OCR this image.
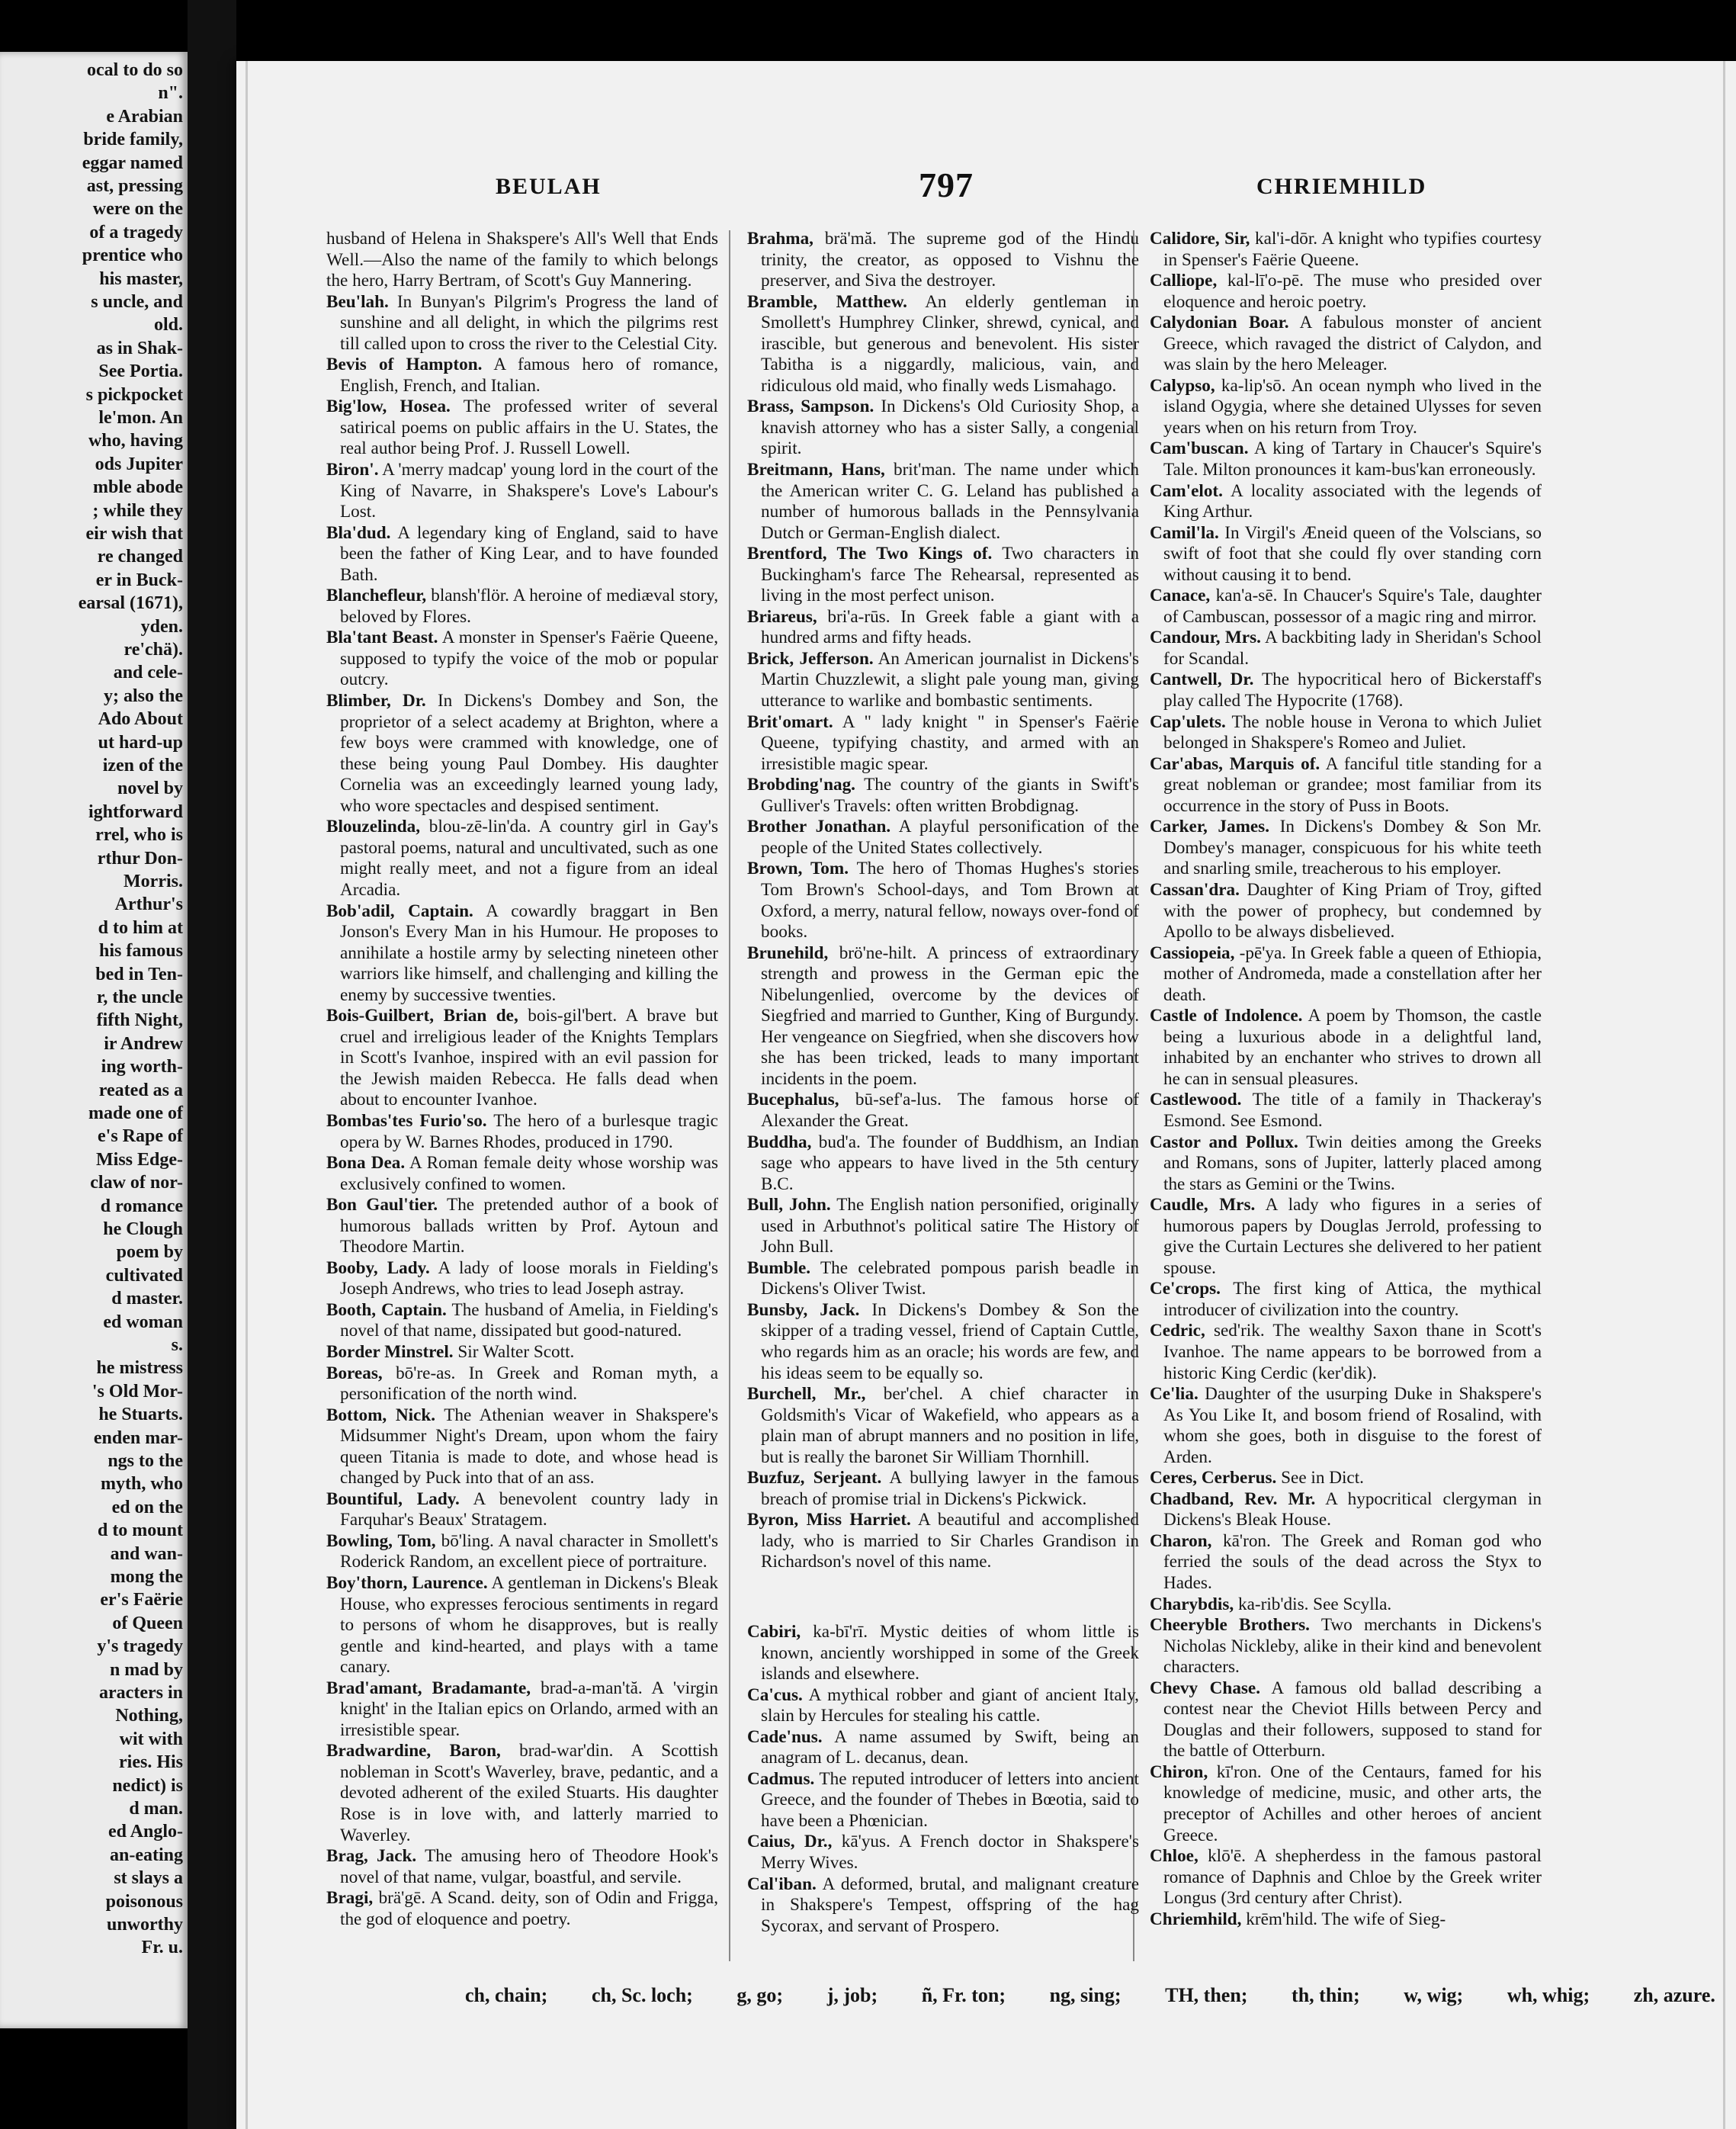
ocal to do so
n".
e Arabian
bride family,
eggar named
ast, pressing
were on the
of a tragedy
prentice who
his master,
s uncle, and
old.
as in Shak-
See Portia.
s pickpocket
le'mon. An
who, having
ods Jupiter
mble abode
; while they
eir wish that
re changed
er in Buck-
earsal (1671),
yden.
re'chä).
and cele-
y; also the
Ado About
ut hard-up
izen of the
novel by
ightforward
rrel, who is
rthur Don-
Morris.
Arthur's
d to him at
his famous
bed in Ten-
r, the uncle
fifth Night,
ir Andrew
ing worth-
reated as a
made one of
e's Rape of
Miss Edge-
claw of nor-
d romance
he Clough
poem by
cultivated
d master.
ed woman
s.
he mistress
's Old Mor-
he Stuarts.
enden mar-
ngs to the
myth, who
ed on the
d to mount
and wan-
mong the
er's Faërie
of Queen
y's tragedy
n mad by
aracters in
Nothing,
wit with
ries. His
nedict) is
d man.
ed Anglo-
an-eating
st slays a
poisonous
unworthy
Fr. u.
BEULAH	797	CHRIEMHILD

husband of Helena in Shakspere's All's Well that Ends Well.—Also the name of the family to which belongs the hero, Harry Bertram, of Scott's Guy Mannering.

Beu'lah. In Bunyan's Pilgrim's Progress the land of sunshine and all delight, in which the pilgrims rest till called upon to cross the river to the Celestial City.

Bevis of Hampton. A famous hero of romance, English, French, and Italian.

Big'low, Hosea. The professed writer of several satirical poems on public affairs in the U. States, the real author being Prof. J. Russell Lowell.

Biron'. A 'merry madcap' young lord in the court of the King of Navarre, in Shakspere's Love's Labour's Lost.

Bla'dud. A legendary king of England, said to have been the father of King Lear, and to have founded Bath.

Blanchefleur, blansh'flör. A heroine of mediæval story, beloved by Flores.

Bla'tant Beast. A monster in Spenser's Faërie Queene, supposed to typify the voice of the mob or popular outcry.

Blimber, Dr. In Dickens's Dombey and Son, the proprietor of a select academy at Brighton, where a few boys were crammed with knowledge, one of these being young Paul Dombey. His daughter Cornelia was an exceedingly learned young lady, who wore spectacles and despised sentiment.

Blouzelinda, blou-zē-lin'da. A country girl in Gay's pastoral poems, natural and uncultivated, such as one might really meet, and not a figure from an ideal Arcadia.

Bob'adil, Captain. A cowardly braggart in Ben Jonson's Every Man in his Humour. He proposes to annihilate a hostile army by selecting nineteen other warriors like himself, and challenging and killing the enemy by successive twenties.

Bois-Guilbert, Brian de, bois-gil'bert. A brave but cruel and irreligious leader of the Knights Templars in Scott's Ivanhoe, inspired with an evil passion for the Jewish maiden Rebecca. He falls dead when about to encounter Ivanhoe.

Bombas'tes Furio'so. The hero of a burlesque tragic opera by W. Barnes Rhodes, produced in 1790.

Bona Dea. A Roman female deity whose worship was exclusively confined to women.

Bon Gaul'tier. The pretended author of a book of humorous ballads written by Prof. Aytoun and Theodore Martin.

Booby, Lady. A lady of loose morals in Fielding's Joseph Andrews, who tries to lead Joseph astray.

Booth, Captain. The husband of Amelia, in Fielding's novel of that name, dissipated but good-natured.

Border Minstrel. Sir Walter Scott.

Boreas, bō're-as. In Greek and Roman myth, a personification of the north wind.

Bottom, Nick. The Athenian weaver in Shakspere's Midsummer Night's Dream, upon whom the fairy queen Titania is made to dote, and whose head is changed by Puck into that of an ass.

Bountiful, Lady. A benevolent country lady in Farquhar's Beaux' Stratagem.

Bowling, Tom, bō'ling. A naval character in Smollett's Roderick Random, an excellent piece of portraiture.

Boy'thorn, Laurence. A gentleman in Dickens's Bleak House, who expresses ferocious sentiments in regard to persons of whom he disapproves, but is really gentle and kind-hearted, and plays with a tame canary.

Brad'amant, Bradamante, brad-a-man'tă. A 'virgin knight' in the Italian epics on Orlando, armed with an irresistible spear.

Bradwardine, Baron, brad-war'din. A Scottish nobleman in Scott's Waverley, brave, pedantic, and a devoted adherent of the exiled Stuarts. His daughter Rose is in love with, and latterly married to Waverley.

Brag, Jack. The amusing hero of Theodore Hook's novel of that name, vulgar, boastful, and servile.

Bragi, brä'gē. A Scand. deity, son of Odin and Frigga, the god of eloquence and poetry.

Brahma, brä'mă. The supreme god of the Hindu trinity, the creator, as opposed to Vishnu the preserver, and Siva the destroyer.

Bramble, Matthew. An elderly gentleman in Smollett's Humphrey Clinker, shrewd, cynical, and irascible, but generous and benevolent. His sister Tabitha is a niggardly, malicious, vain, and ridiculous old maid, who finally weds Lismahago.

Brass, Sampson. In Dickens's Old Curiosity Shop, a knavish attorney who has a sister Sally, a congenial spirit.

Breitmann, Hans, brit'man. The name under which the American writer C. G. Leland has published a number of humorous ballads in the Pennsylvania Dutch or German-English dialect.

Brentford, The Two Kings of. Two characters in Buckingham's farce The Rehearsal, represented as living in the most perfect unison.

Briareus, bri'a-rūs. In Greek fable a giant with a hundred arms and fifty heads.

Brick, Jefferson. An American journalist in Dickens's Martin Chuzzlewit, a slight pale young man, giving utterance to warlike and bombastic sentiments.

Brit'omart. A " lady knight " in Spenser's Faërie Queene, typifying chastity, and armed with an irresistible magic spear.

Brobding'nag. The country of the giants in Swift's Gulliver's Travels: often written Brobdignag.

Brother Jonathan. A playful personification of the people of the United States collectively.

Brown, Tom. The hero of Thomas Hughes's stories Tom Brown's School-days, and Tom Brown at Oxford, a merry, natural fellow, noways over-fond of books.

Brunehild, brö'ne-hilt. A princess of extraordinary strength and prowess in the German epic the Nibelungenlied, overcome by the devices of Siegfried and married to Gunther, King of Burgundy. Her vengeance on Siegfried, when she discovers how she has been tricked, leads to many important incidents in the poem.

Bucephalus, bū-sef'a-lus. The famous horse of Alexander the Great.

Buddha, bud'a. The founder of Buddhism, an Indian sage who appears to have lived in the 5th century B.C.

Bull, John. The English nation personified, originally used in Arbuthnot's political satire The History of John Bull.

Bumble. The celebrated pompous parish beadle in Dickens's Oliver Twist.

Bunsby, Jack. In Dickens's Dombey & Son the skipper of a trading vessel, friend of Captain Cuttle, who regards him as an oracle; his words are few, and his ideas seem to be equally so.

Burchell, Mr., ber'chel. A chief character in Goldsmith's Vicar of Wakefield, who appears as a plain man of abrupt manners and no position in life, but is really the baronet Sir William Thornhill.

Buzfuz, Serjeant. A bullying lawyer in the famous breach of promise trial in Dickens's Pickwick.

Byron, Miss Harriet. A beautiful and accomplished lady, who is married to Sir Charles Grandison in Richardson's novel of this name.

Cabiri, ka-bī'rī. Mystic deities of whom little is known, anciently worshipped in some of the Greek islands and elsewhere.

Ca'cus. A mythical robber and giant of ancient Italy, slain by Hercules for stealing his cattle.

Cade'nus. A name assumed by Swift, being an anagram of L. decanus, dean.

Cadmus. The reputed introducer of letters into ancient Greece, and the founder of Thebes in Bœotia, said to have been a Phœnician.

Caius, Dr., kā'yus. A French doctor in Shakspere's Merry Wives.

Cal'iban. A deformed, brutal, and malignant creature in Shakspere's Tempest, offspring of the hag Sycorax, and servant of Prospero.

Calidore, Sir, kal'i-dōr. A knight who typifies courtesy in Spenser's Faërie Queene.

Calliope, kal-lī'o-pē. The muse who presided over eloquence and heroic poetry.

Calydonian Boar. A fabulous monster of ancient Greece, which ravaged the district of Calydon, and was slain by the hero Meleager.

Calypso, ka-lip'sō. An ocean nymph who lived in the island Ogygia, where she detained Ulysses for seven years when on his return from Troy.

Cam'buscan. A king of Tartary in Chaucer's Squire's Tale. Milton pronounces it kam-bus'kan erroneously.

Cam'elot. A locality associated with the legends of King Arthur.

Camil'la. In Virgil's Æneid queen of the Volscians, so swift of foot that she could fly over standing corn without causing it to bend.

Canace, kan'a-sē. In Chaucer's Squire's Tale, daughter of Cambuscan, possessor of a magic ring and mirror.

Candour, Mrs. A backbiting lady in Sheridan's School for Scandal.

Cantwell, Dr. The hypocritical hero of Bickerstaff's play called The Hypocrite (1768).

Cap'ulets. The noble house in Verona to which Juliet belonged in Shakspere's Romeo and Juliet.

Car'abas, Marquis of. A fanciful title standing for a great nobleman or grandee; most familiar from its occurrence in the story of Puss in Boots.

Carker, James. In Dickens's Dombey & Son Mr. Dombey's manager, conspicuous for his white teeth and snarling smile, treacherous to his employer.

Cassan'dra. Daughter of King Priam of Troy, gifted with the power of prophecy, but condemned by Apollo to be always disbelieved.

Cassiopeia, -pē'ya. In Greek fable a queen of Ethiopia, mother of Andromeda, made a constellation after her death.

Castle of Indolence. A poem by Thomson, the castle being a luxurious abode in a delightful land, inhabited by an enchanter who strives to drown all he can in sensual pleasures.

Castlewood. The title of a family in Thackeray's Esmond. See Esmond.

Castor and Pollux. Twin deities among the Greeks and Romans, sons of Jupiter, latterly placed among the stars as Gemini or the Twins.

Caudle, Mrs. A lady who figures in a series of humorous papers by Douglas Jerrold, professing to give the Curtain Lectures she delivered to her patient spouse.

Ce'crops. The first king of Attica, the mythical introducer of civilization into the country.

Cedric, sed'rik. The wealthy Saxon thane in Scott's Ivanhoe. The name appears to be borrowed from a historic King Cerdic (ker'dik).

Ce'lia. Daughter of the usurping Duke in Shakspere's As You Like It, and bosom friend of Rosalind, with whom she goes, both in disguise to the forest of Arden.

Ceres, Cerberus. See in Dict.

Chadband, Rev. Mr. A hypocritical clergyman in Dickens's Bleak House.

Charon, kā'ron. The Greek and Roman god who ferried the souls of the dead across the Styx to Hades.

Charybdis, ka-rib'dis. See Scylla.

Cheeryble Brothers. Two merchants in Dickens's Nicholas Nickleby, alike in their kind and benevolent characters.

Chevy Chase. A famous old ballad describing a contest near the Cheviot Hills between Percy and Douglas and their followers, supposed to stand for the battle of Otterburn.

Chiron, kī'ron. One of the Centaurs, famed for his knowledge of medicine, music, and other arts, the preceptor of Achilles and other heroes of ancient Greece.

Chloe, klō'ē. A shepherdess in the famous pastoral romance of Daphnis and Chloe by the Greek writer Longus (3rd century after Christ).

Chriemhild, krēm'hild. The wife of Sieg-

ch, chain; ch, Sc. loch; g, go; j, job; ñ, Fr. ton; ng, sing; TH, then; th, thin; w, wig; wh, whig; zh, azure.
